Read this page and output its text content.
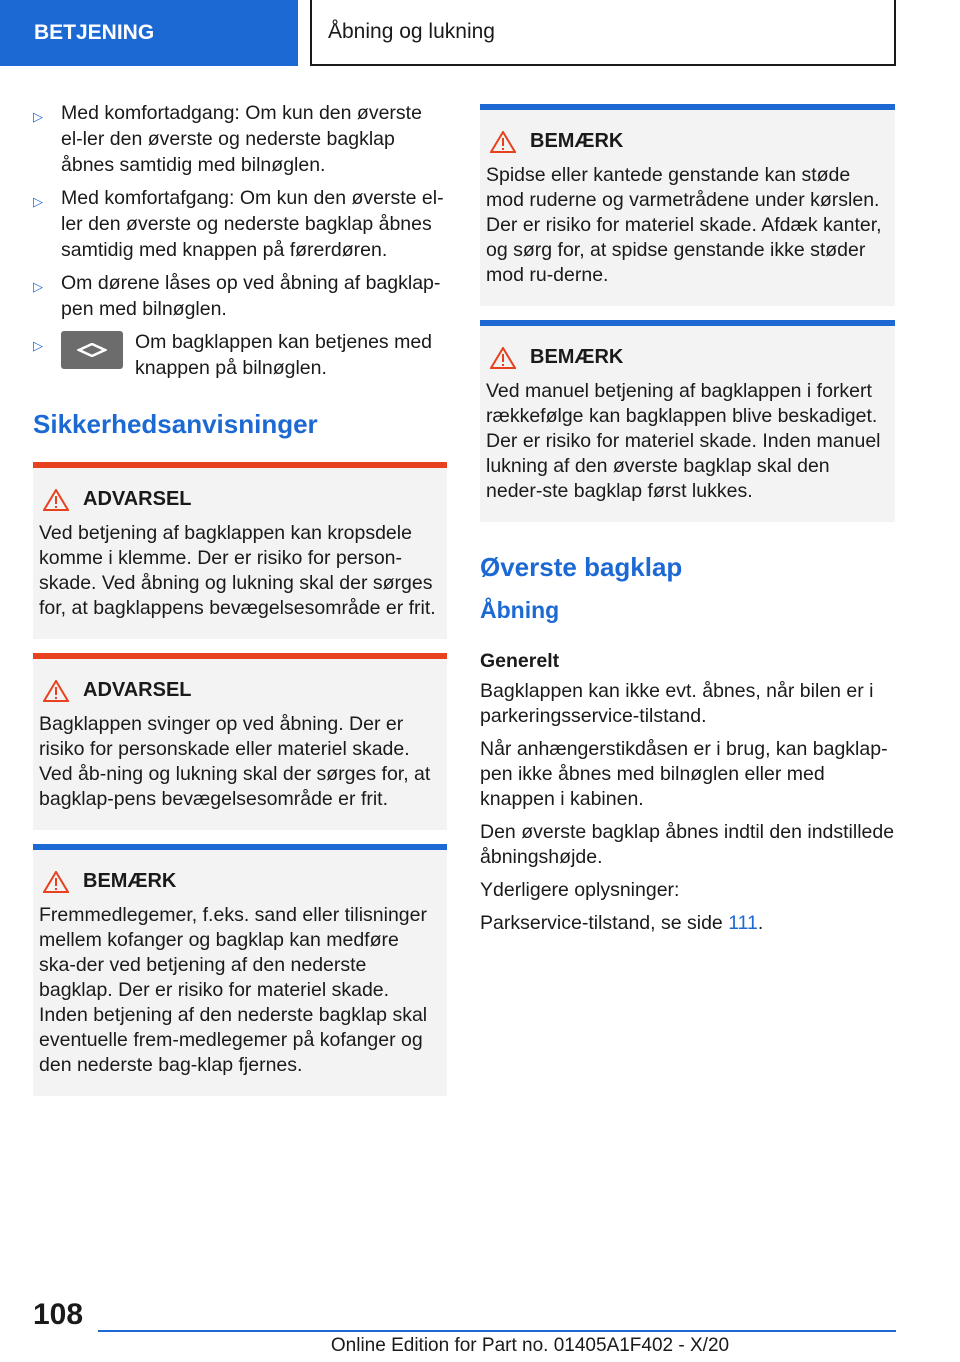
BETJENING	Åbning og lukning
▷ Med komfortadgang: Om kun den øverste el-ler den øverste og nederste bagklap åbnes samtidig med bilnøglen.
▷ Med komfortafgang: Om kun den øverste el-ler den øverste og nederste bagklap åbnes samtidig med knappen på førerdøren.
▷ Om dørene låses op ved åbning af bagklap-pen med bilnøglen.
▷	Om bagklappen kan betjenes med knappen på bilnøglen.
Sikkerhedsanvisninger
ADVARSEL
Ved betjening af bagklappen kan kropsdele komme i klemme. Der er risiko for person-skade. Ved åbning og lukning skal der sørges for, at bagklappens bevægelsesområde er frit.
ADVARSEL
Bagklappen svinger op ved åbning. Der er risiko for personskade eller materiel skade. Ved åb-ning og lukning skal der sørges for, at bagklap-pens bevægelsesområde er frit.
BEMÆRK
Fremmedlegemer, f.eks. sand eller tilisninger mellem kofanger og bagklap kan medføre ska-der ved betjening af den nederste bagklap. Der er risiko for materiel skade. Inden betjening af den nederste bagklap skal eventuelle frem-medlegemer på kofanger og den nederste bag-klap fjernes.
BEMÆRK
Spidse eller kantede genstande kan støde mod ruderne og varmetrådene under kørslen. Der er risiko for materiel skade. Afdæk kanter, og sørg for, at spidse genstande ikke støder mod ru-derne.
BEMÆRK
Ved manuel betjening af bagklappen i forkert rækkefølge kan bagklappen blive beskadiget. Der er risiko for materiel skade. Inden manuel lukning af den øverste bagklap skal den neder-ste bagklap først lukkes.
Øverste bagklap
Åbning
Generelt

Bagklappen kan ikke evt. åbnes, når bilen er i parkeringsservice-tilstand.

Når anhængerstikdåsen er i brug, kan bagklap-pen ikke åbnes med bilnøglen eller med knappen i kabinen.

Den øverste bagklap åbnes indtil den indstillede åbningshøjde.

Yderligere oplysninger:

Parkservice-tilstand, se side 111.

108
Online Edition for Part no. 01405A1F402 - X/20
